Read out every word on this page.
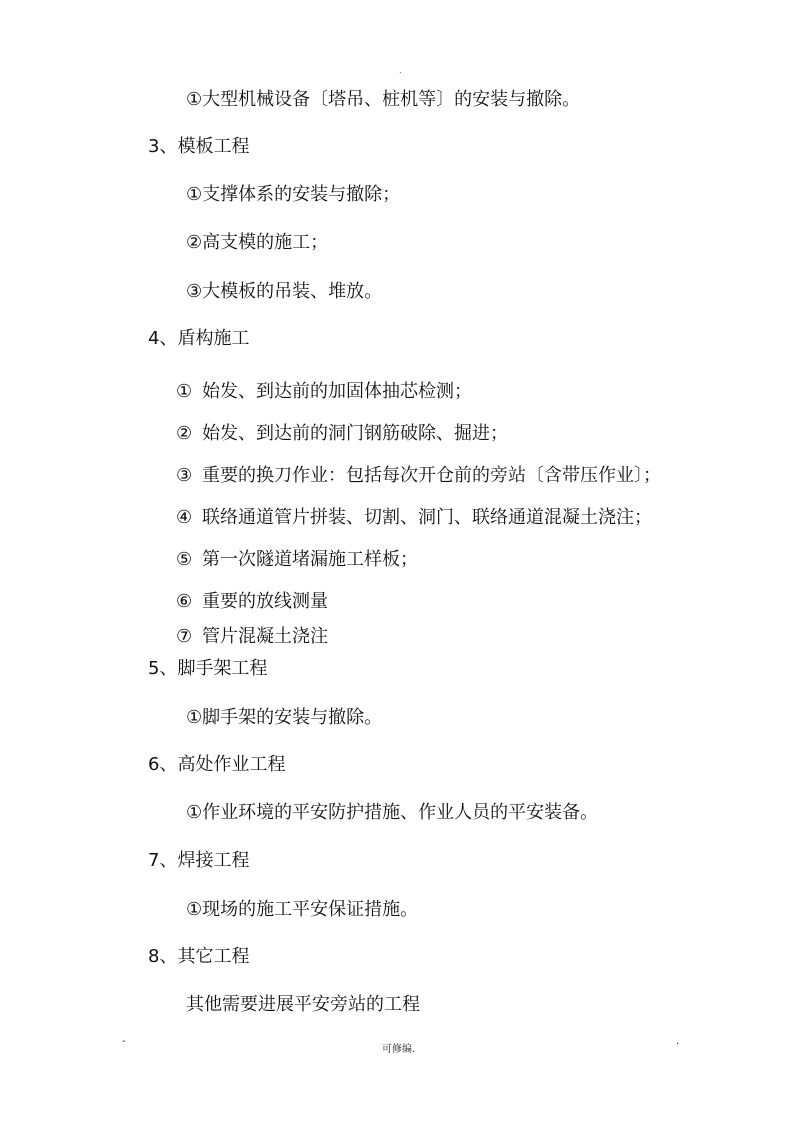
.
①大型机械设备〔塔吊、桩机等〕的安装与撤除。
3、模板工程
①支撑体系的安装与撤除；
②高支模的施工；
③大模板的吊装、堆放。
4、盾构施工
① 始发、到达前的加固体抽芯检测；
② 始发、到达前的洞门钢筋破除、掘进；
③ 重要的换刀作业：包括每次开仓前的旁站〔含带压作业〕；
④ 联络通道管片拼装、切割、洞门、联络通道混凝土浇注；
⑤ 第一次隧道堵漏施工样板；
⑥ 重要的放线测量
⑦ 管片混凝土浇注
5、脚手架工程
①脚手架的安装与撤除。
6、高处作业工程
①作业环境的平安防护措施、作业人员的平安装备。
7、焊接工程
①现场的施工平安保证措施。
8、其它工程
其他需要进展平安旁站的工程
-
可修编.
.
